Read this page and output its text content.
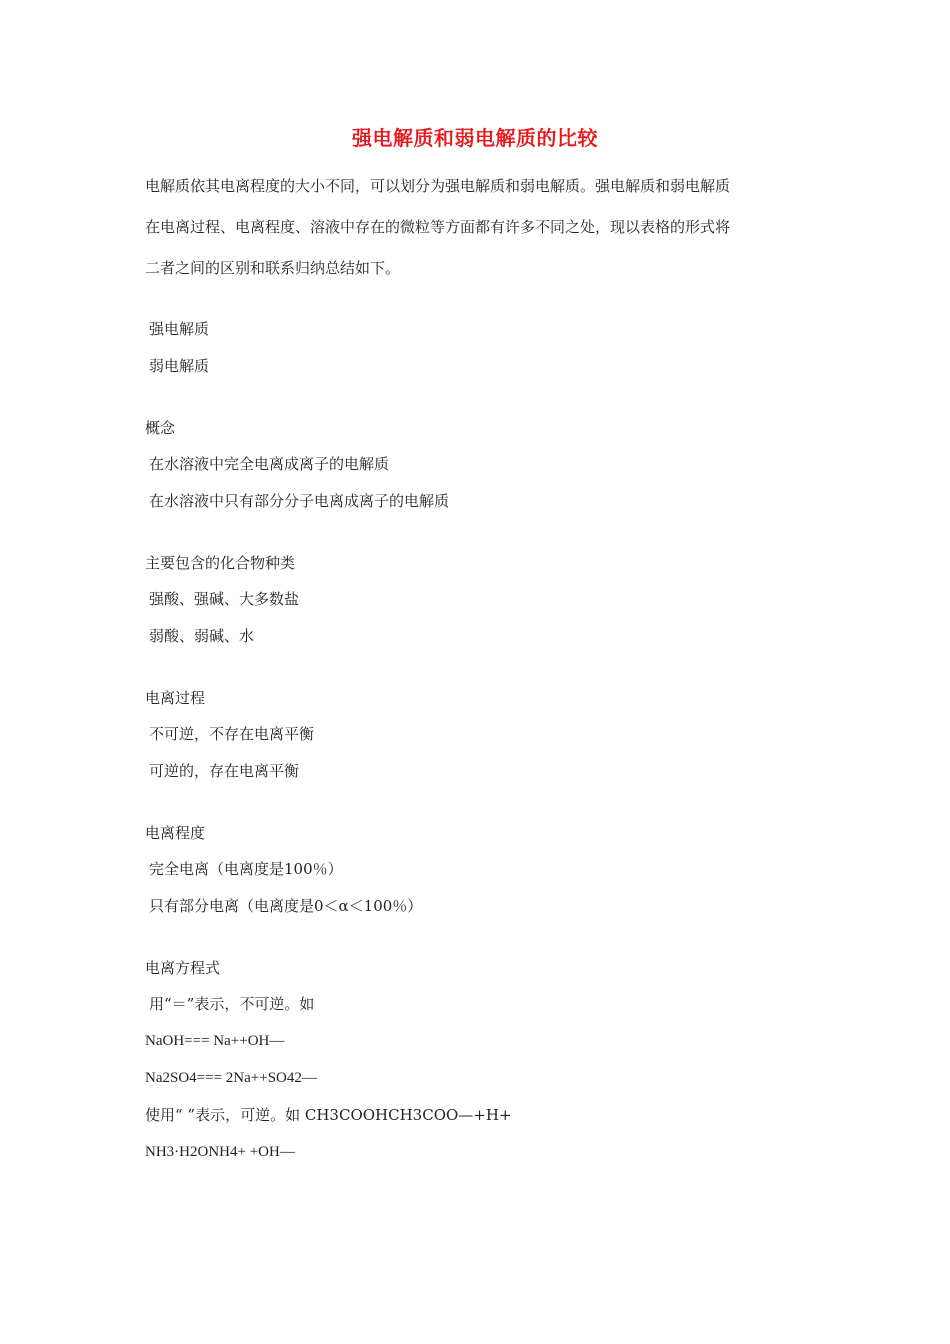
强电解质和弱电解质的比较
电解质依其电离程度的大小不同，可以划分为强电解质和弱电解质。强电解质和弱电解质
在电离过程、电离程度、溶液中存在的微粒等方面都有许多不同之处，现以表格的形式将
二者之间的区别和联系归纳总结如下。
强电解质
弱电解质
概念
在水溶液中完全电离成离子的电解质
在水溶液中只有部分分子电离成离子的电解质
主要包含的化合物种类
强酸、强碱、大多数盐
弱酸、弱碱、水
电离过程
不可逆，不存在电离平衡
可逆的，存在电离平衡
电离程度
完全电离（电离度是100％）
只有部分电离（电离度是0＜α＜100％）
电离方程式
用“＝”表示，不可逆。如
NaOH=== Na++OH—
Na2SO4=== 2Na++SO42—
使用“ ”表示，可逆。如 CH3COOHCH3COO—+H+
NH3·H2ONH4+ +OH—
